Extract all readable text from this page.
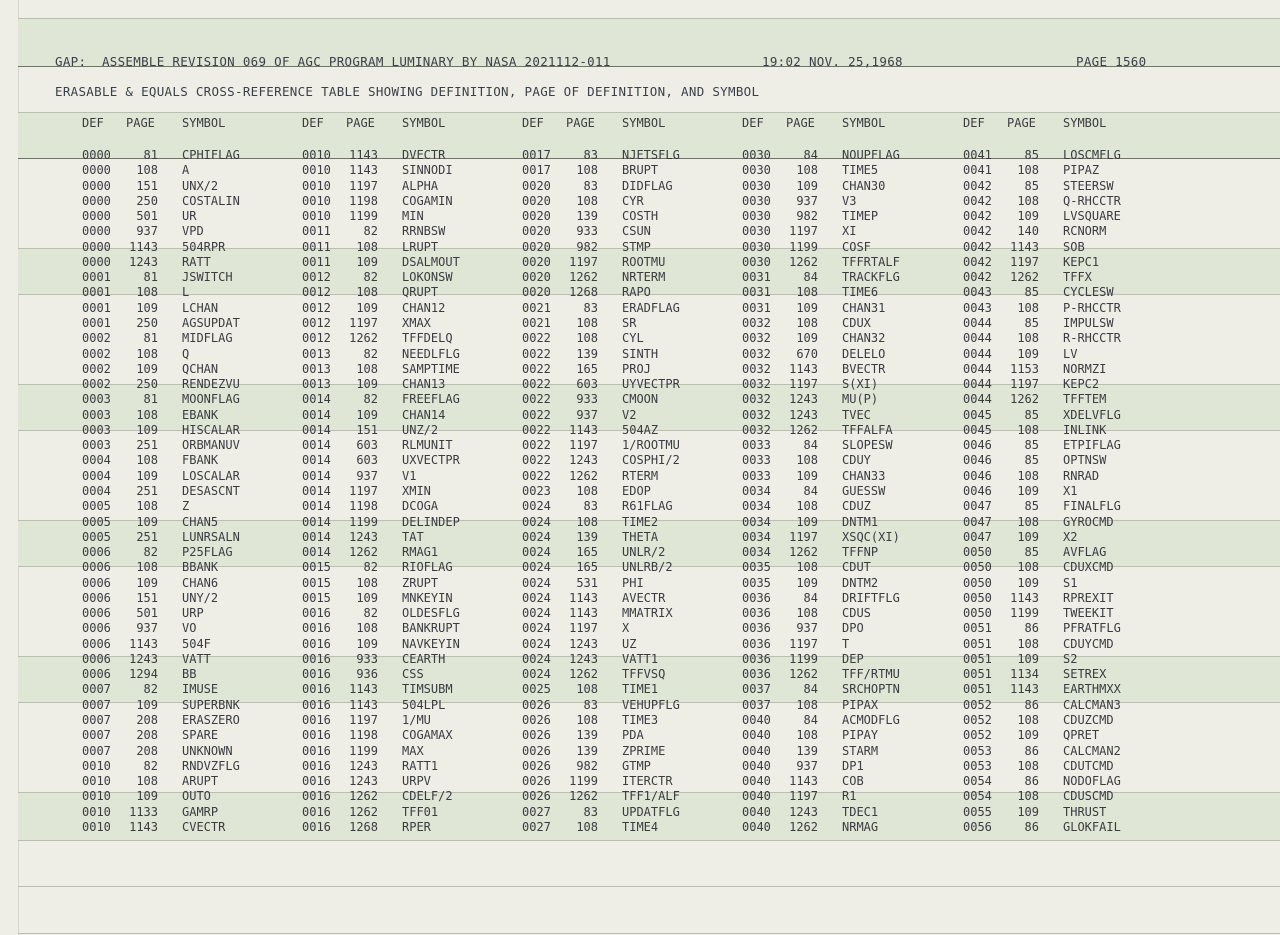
GAP:  ASSEMBLE REVISION 069 OF AGC PROGRAM LUMINARY BY NASA 2021112-011	19:02 NOV. 25,1968	PAGE 1560
ERASABLE & EQUALS CROSS-REFERENCE TABLE SHOWING DEFINITION, PAGE OF DEFINITION, AND SYMBOL
DEF	PAGE SYMBOL
0000	81 CPHIFLAG
0000	108 A
0000	151 UNX/2
0000	250 COSTALIN
0000	501 UR
0000	937 VPD
0000	1143 504RPR
0000	1243 RATT
0001	81 JSWITCH
0001	108 L
0001	109 LCHAN
0001	250 AGSUPDAT
0002	81 MIDFLAG
0002	108 Q
0002	109 QCHAN
0002	250 RENDEZVU
0003	81 MOONFLAG
0003	108 EBANK
0003	109 HISCALAR
0003	251 ORBMANUV
0004	108 FBANK
0004	109 LOSCALAR
0004	251 DESASCNT
0005	108 Z
0005	109 CHAN5
0005	251 LUNRSALN
0006	82 P25FLAG
0006	108 BBANK
0006	109 CHAN6
0006	151 UNY/2
0006	501 URP
0006	937 VO
0006	1143 504F
0006	1243 VATT
0006	1294 BB
0007	82 IMUSE
0007	109 SUPERBNK
0007	208 ERASZERO
0007	208 SPARE
0007	208 UNKNOWN
0010	82 RNDVZFLG
0010	108 ARUPT
0010	109 OUTO
0010	1133 GAMRP
0010	1143 CVECTR
DEF	PAGE SYMBOL
0010	1143 DVECTR
0010	1143 SINNODI
0010	1197 ALPHA
0010	1198 COGAMIN
0010	1199 MIN
0011	82 RRNBSW
0011	108 LRUPT
0011	109 DSALMOUT
0012	82 LOKONSW
0012	108 QRUPT
0012	109 CHAN12
0012	1197 XMAX
0012	1262 TFFDELQ
0013	82 NEEDLFLG
0013	108 SAMPTIME
0013	109 CHAN13
0014	82 FREEFLAG
0014	109 CHAN14
0014	151 UNZ/2
0014	603 RLMUNIT
0014	603 UXVECTPR
0014	937 V1
0014	1197 XMIN
0014	1198 DCOGA
0014	1199 DELINDEP
0014	1243 TAT
0014	1262 RMAG1
0015	82 RIOFLAG
0015	108 ZRUPT
0015	109 MNKEYIN
0016	82 OLDESFLG
0016	108 BANKRUPT
0016	109 NAVKEYIN
0016	933 CEARTH
0016	936 CSS
0016	1143 TIMSUBM
0016	1143 504LPL
0016	1197 1/MU
0016	1198 COGAMAX
0016	1199 MAX
0016	1243 RATT1
0016	1243 URPV
0016	1262 CDELF/2
0016	1262 TFF01
0016	1268 RPER
DEF	PAGE SYMBOL
0017	83 NJETSFLG
0017	108 BRUPT
0020	83 DIDFLAG
0020	108 CYR
0020	139 COSTH
0020	933 CSUN
0020	982 STMP
0020	1197 ROOTMU
0020	1262 NRTERM
0020	1268 RAPO
0021	83 ERADFLAG
0021	108 SR
0022	108 CYL
0022	139 SINTH
0022	165 PROJ
0022	603 UYVECTPR
0022	933 CMOON
0022	937 V2
0022	1143 504AZ
0022	1197 1/ROOTMU
0022	1243 COSPHI/2
0022	1262 RTERM
0023	108 EDOP
0024	83 R61FLAG
0024	108 TIME2
0024	139 THETA
0024	165 UNLR/2
0024	165 UNLRB/2
0024	531 PHI
0024	1143 AVECTR
0024	1143 MMATRIX
0024	1197 X
0024	1243 UZ
0024	1243 VATT1
0024	1262 TFFVSQ
0025	108 TIME1
0026	83 VEHUPFLG
0026	108 TIME3
0026	139 PDA
0026	139 ZPRIME
0026	982 GTMP
0026	1199 ITERCTR
0026	1262 TFF1/ALF
0027	83 UPDATFLG
0027	108 TIME4
DEF	PAGE SYMBOL
0030	84 NOUPFLAG
0030	108 TIME5
0030	109 CHAN30
0030	937 V3
0030	982 TIMEP
0030	1197 XI
0030	1199 COSF
0030	1262 TFFRTALF
0031	84 TRACKFLG
0031	108 TIME6
0031	109 CHAN31
0032	108 CDUX
0032	109 CHAN32
0032	670 DELELO
0032	1143 BVECTR
0032	1197 S(XI)
0032	1243 MU(P)
0032	1243 TVEC
0032	1262 TFFALFA
0033	84 SLOPESW
0033	108 CDUY
0033	109 CHAN33
0034	84 GUESSW
0034	108 CDUZ
0034	109 DNTM1
0034	1197 XSQC(XI)
0034	1262 TFFNP
0035	108 CDUT
0035	109 DNTM2
0036	84 DRIFTFLG
0036	108 CDUS
0036	937 DPO
0036	1197 T
0036	1199 DEP
0036	1262 TFF/RTMU
0037	84 SRCHOPTN
0037	108 PIPAX
0040	84 ACMODFLG
0040	108 PIPAY
0040	139 STARM
0040	937 DP1
0040	1143 COB
0040	1197 R1
0040	1243 TDEC1
0040	1262 NRMAG
DEF	PAGE SYMBOL
0041	85 LOSCMFLG
0041	108 PIPAZ
0042	85 STEERSW
0042	108 Q-RHCCTR
0042	109 LVSQUARE
0042	140 RCNORM
0042	1143 SOB
0042	1197 KEPC1
0042	1262 TFFX
0043	85 CYCLESW
0043	108 P-RHCCTR
0044	85 IMPULSW
0044	108 R-RHCCTR
0044	109 LV
0044	1153 NORMZI
0044	1197 KEPC2
0044	1262 TFFTEM
0045	85 XDELVFLG
0045	108 INLINK
0046	85 ETPIFLAG
0046	85 OPTNSW
0046	108 RNRAD
0046	109 X1
0047	85 FINALFLG
0047	108 GYROCMD
0047	109 X2
0050	85 AVFLAG
0050	108 CDUXCMD
0050	109 S1
0050	1143 RPREXIT
0050	1199 TWEEKIT
0051	86 PFRATFLG
0051	108 CDUYCMD
0051	109 S2
0051	1134 SETREX
0051	1143 EARTHMXX
0052	86 CALCMAN3
0052	108 CDUZCMD
0052	109 QPRET
0053	86 CALCMAN2
0053	108 CDUTCMD
0054	86 NODOFLAG
0054	108 CDUSCMD
0055	109 THRUST
0056	86 GLOKFAIL
